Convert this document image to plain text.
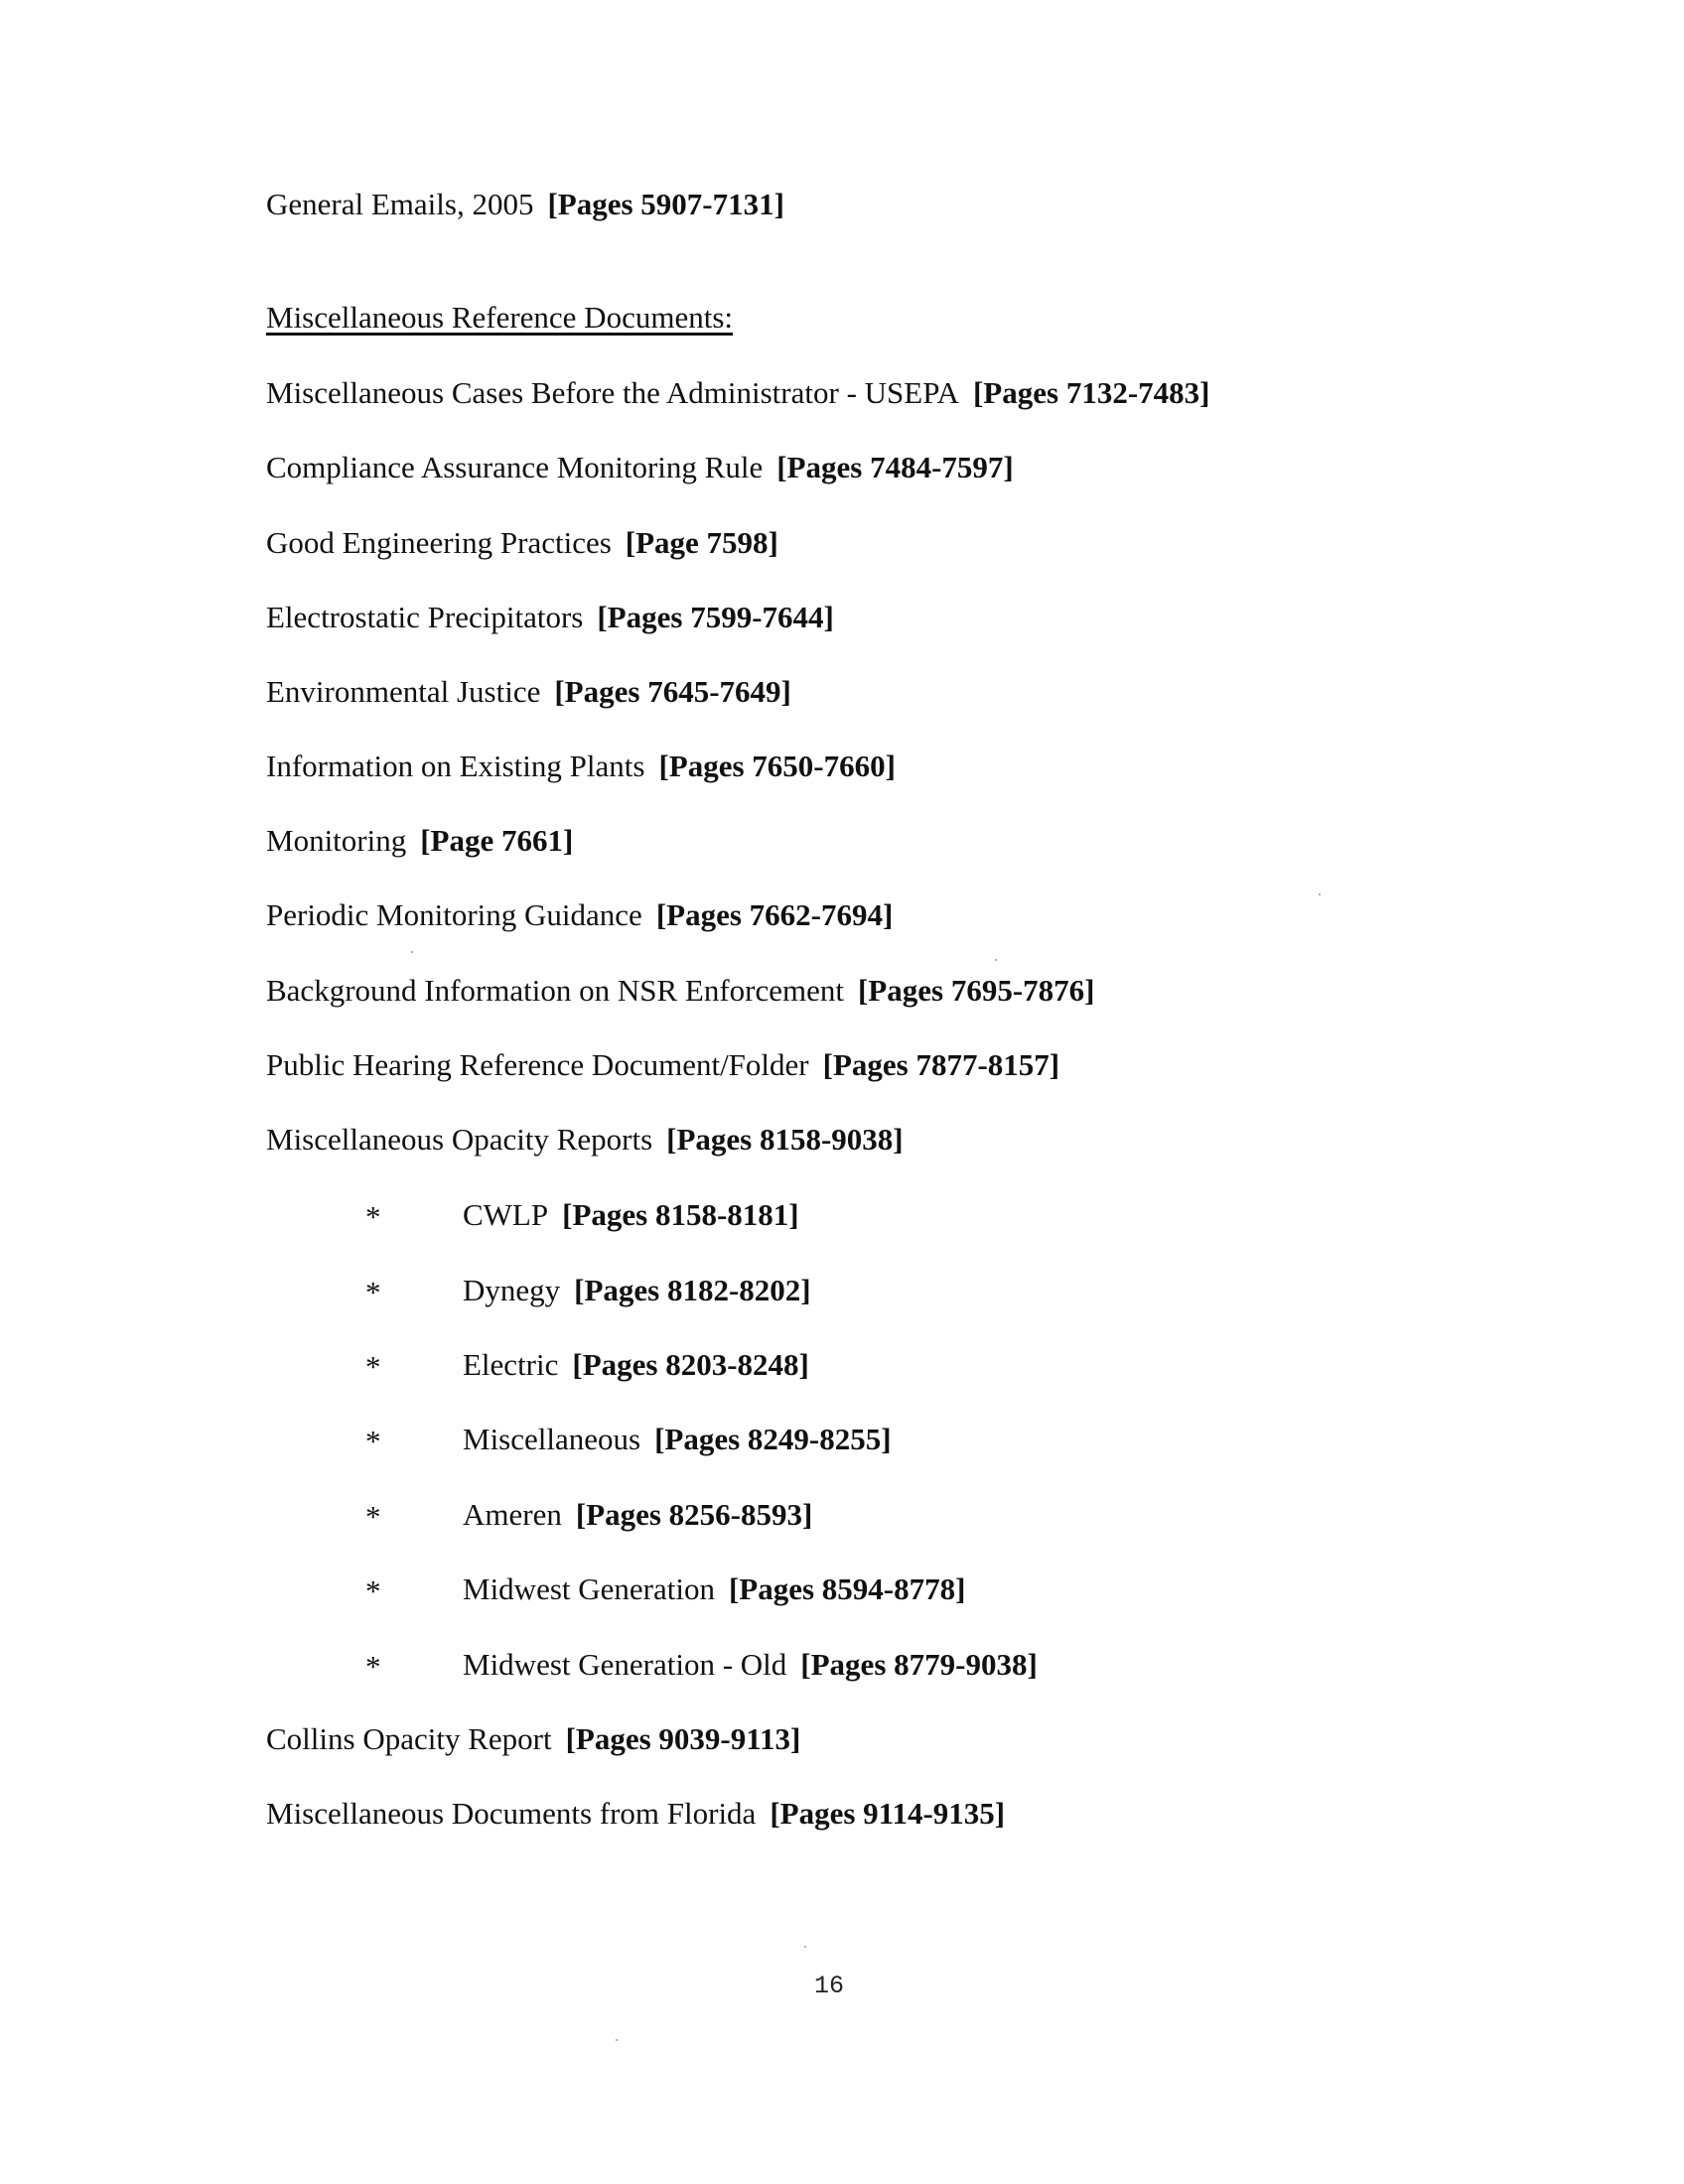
General Emails, 2005 [Pages 5907-7131]
Miscellaneous Reference Documents:
Miscellaneous Cases Before the Administrator - USEPA [Pages 7132-7483]
Compliance Assurance Monitoring Rule [Pages 7484-7597]
Good Engineering Practices [Page 7598]
Electrostatic Precipitators [Pages 7599-7644]
Environmental Justice [Pages 7645-7649]
Information on Existing Plants [Pages 7650-7660]
Monitoring [Page 7661]
Periodic Monitoring Guidance [Pages 7662-7694]
Background Information on NSR Enforcement [Pages 7695-7876]
Public Hearing Reference Document/Folder [Pages 7877-8157]
Miscellaneous Opacity Reports [Pages 8158-9038]
*	CWLP [Pages 8158-8181]
*	Dynegy [Pages 8182-8202]
*	Electric [Pages 8203-8248]
*	Miscellaneous [Pages 8249-8255]
*	Ameren [Pages 8256-8593]
*	Midwest Generation [Pages 8594-8778]
*	Midwest Generation - Old [Pages 8779-9038]
Collins Opacity Report [Pages 9039-9113]
Miscellaneous Documents from Florida [Pages 9114-9135]
16
